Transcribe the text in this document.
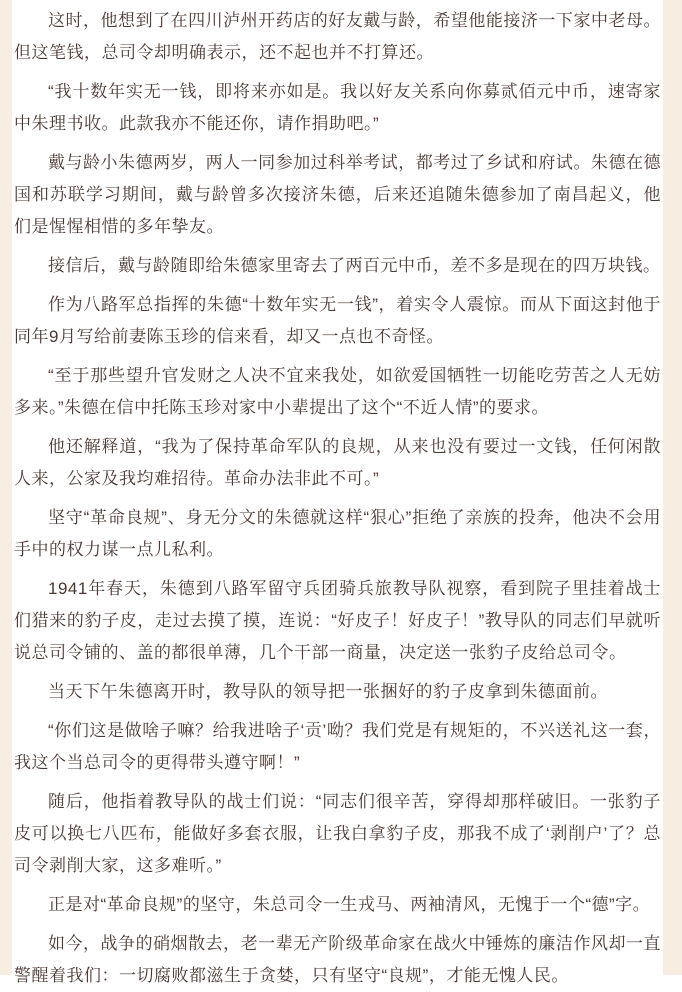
这时，他想到了在四川泸州开药店的好友戴与龄，希望他能接济一下家中老母。但这笔钱，总司令却明确表示，还不起也并不打算还。

“我十数年实无一钱，即将来亦如是。我以好友关系向你募贰佰元中币，速寄家中朱理书收。此款我亦不能还你，请作捐助吧。”

戴与龄小朱德两岁，两人一同参加过科举考试，都考过了乡试和府试。朱德在德国和苏联学习期间，戴与龄曾多次接济朱德，后来还追随朱德参加了南昌起义，他们是惺惺相惜的多年挚友。

接信后，戴与龄随即给朱德家里寄去了两百元中币，差不多是现在的四万块钱。

作为八路军总指挥的朱德“十数年实无一钱”，着实令人震惊。而从下面这封他于同年9月写给前妻陈玉珍的信来看，却又一点也不奇怪。

“至于那些望升官发财之人决不宜来我处，如欲爱国牺牲一切能吃劳苦之人无妨多来。”朱德在信中托陈玉珍对家中小辈提出了这个“不近人情”的要求。

他还解释道，“我为了保持革命军队的良规，从来也没有要过一文钱，任何闲散人来，公家及我均难招待。革命办法非此不可。”

坚守“革命良规”、身无分文的朱德就这样“狠心”拒绝了亲族的投奔，他决不会用手中的权力谋一点儿私利。

1941年春天，朱德到八路军留守兵团骑兵旅教导队视察，看到院子里挂着战士们猎来的豹子皮，走过去摸了摸，连说：“好皮子！好皮子！”教导队的同志们早就听说总司令铺的、盖的都很单薄，几个干部一商量，决定送一张豹子皮给总司令。

当天下午朱德离开时，教导队的领导把一张捆好的豹子皮拿到朱德面前。

“你们这是做啥子嘛？给我进啥子‘贡’呦？我们党是有规矩的，不兴送礼这一套，我这个当总司令的更得带头遵守啊！”

随后，他指着教导队的战士们说：“同志们很辛苦，穿得却那样破旧。一张豹子皮可以换七八匹布，能做好多套衣服，让我白拿豹子皮，那我不成了‘剥削户’了？总司令剥削大家，这多难听。”

正是对“革命良规”的坚守，朱总司令一生戎马、两袖清风，无愧于一个“德”字。

如今，战争的硝烟散去，老一辈无产阶级革命家在战火中锤炼的廉洁作风却一直警醒着我们：一切腐败都滋生于贪婪，只有坚守“良规”，才能无愧人民。
